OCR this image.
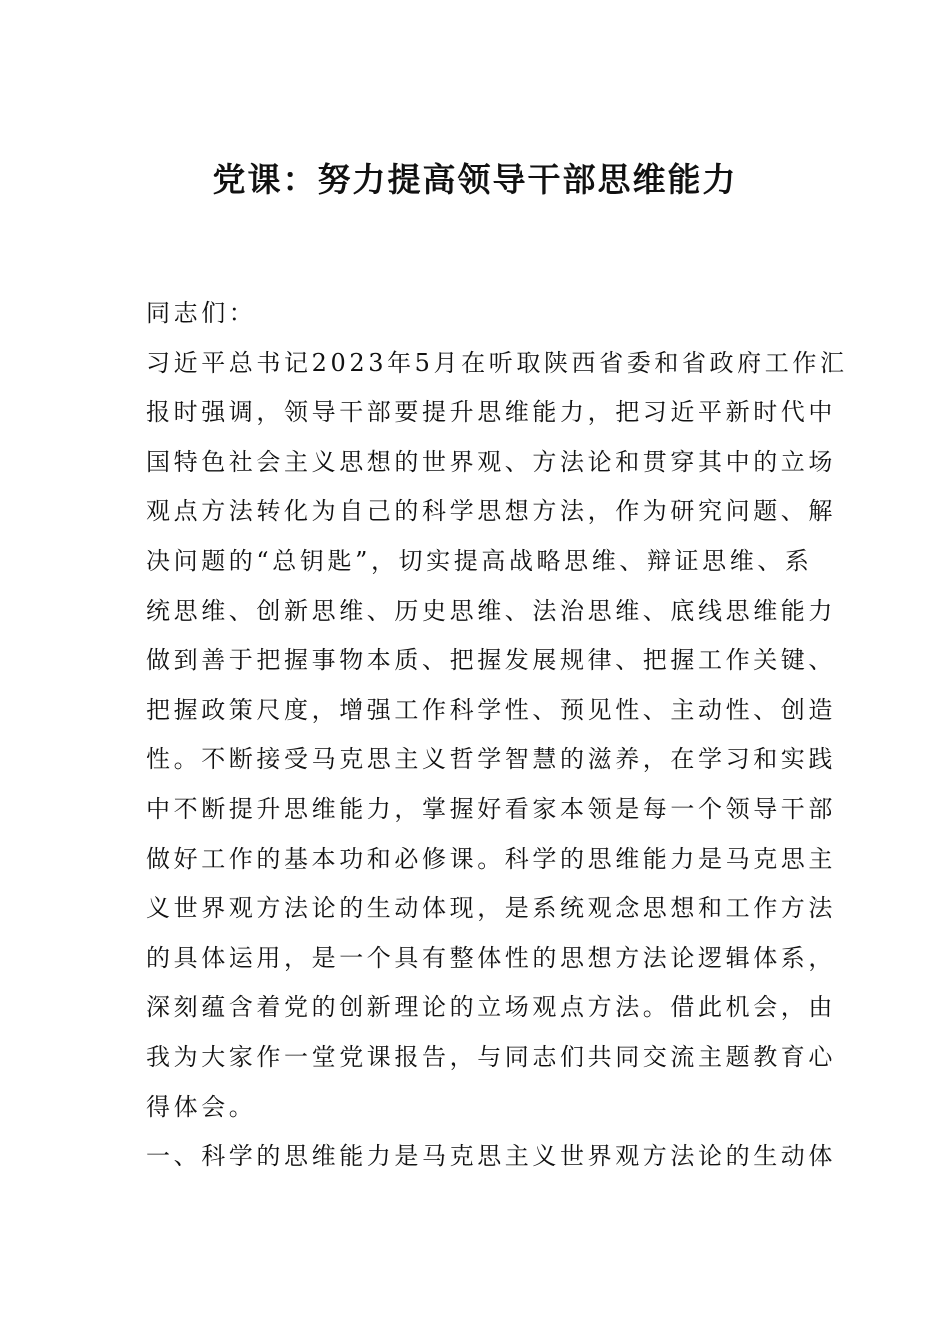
党课：努力提高领导干部思维能力

同志们：

习近平总书记2023年5月在听取陕西省委和省政府工作汇
报时强调，领导干部要提升思维能力，把习近平新时代中
国特色社会主义思想的世界观、方法论和贯穿其中的立场
观点方法转化为自己的科学思想方法，作为研究问题、解
决问题的“总钥匙”，切实提高战略思维、辩证思维、系
统思维、创新思维、历史思维、法治思维、底线思维能力
做到善于把握事物本质、把握发展规律、把握工作关键、
把握政策尺度，增强工作科学性、预见性、主动性、创造
性。不断接受马克思主义哲学智慧的滋养，在学习和实践
中不断提升思维能力，掌握好看家本领是每一个领导干部
做好工作的基本功和必修课。科学的思维能力是马克思主
义世界观方法论的生动体现，是系统观念思想和工作方法
的具体运用，是一个具有整体性的思想方法论逻辑体系，
深刻蕴含着党的创新理论的立场观点方法。借此机会，由
我为大家作一堂党课报告，与同志们共同交流主题教育心
得体会。

一、科学的思维能力是马克思主义世界观方法论的生动体
